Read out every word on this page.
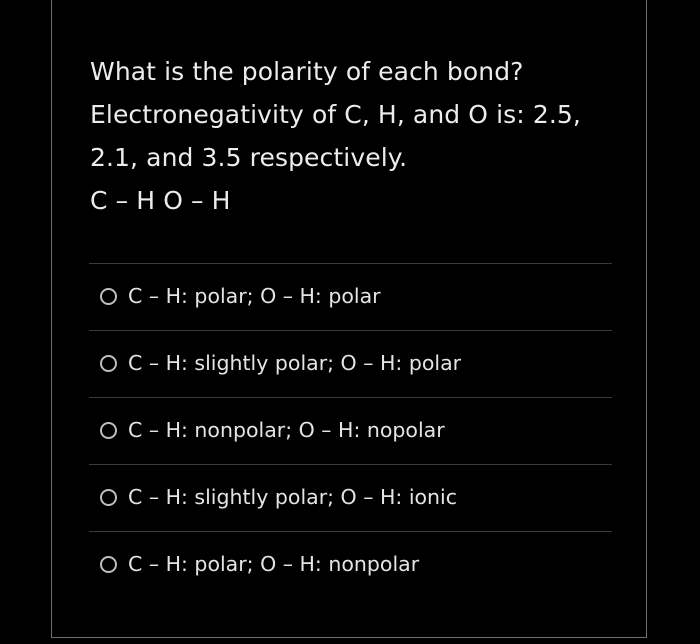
What is the polarity of each bond?
Electronegativity of C, H, and O is: 2.5,
2.1, and 3.5 respectively.
C – H O – H
C – H: polar; O – H: polar
C – H: slightly polar; O – H: polar
C – H: nonpolar; O – H: nopolar
C – H: slightly polar; O – H: ionic
C – H: polar; O – H: nonpolar
